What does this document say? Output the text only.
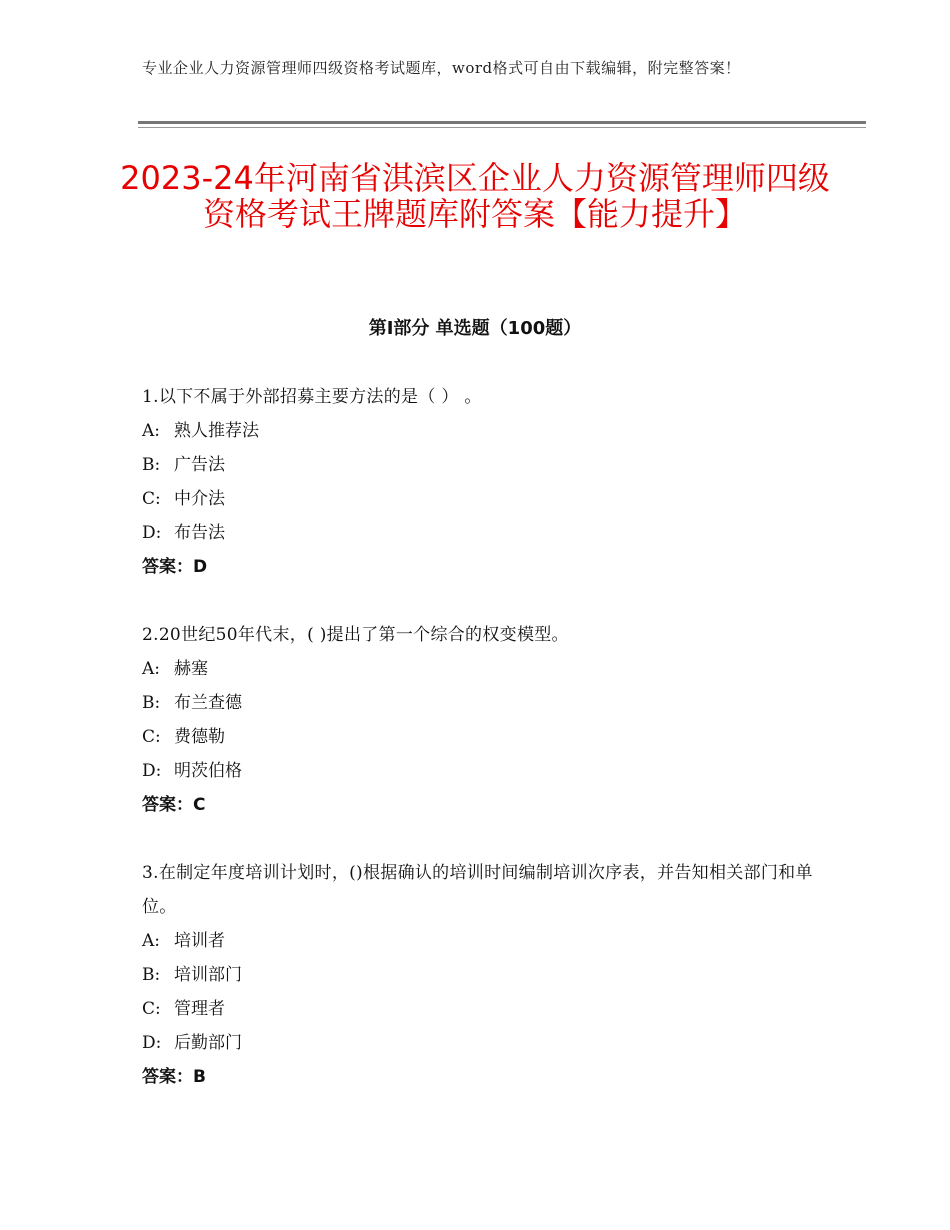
专业企业人力资源管理师四级资格考试题库，word格式可自由下载编辑，附完整答案！
2023-24年河南省淇滨区企业人力资源管理师四级资格考试王牌题库附答案【能力提升】
第Ⅰ部分 单选题（100题）
1.以下不属于外部招募主要方法的是（ ） 。
A: 熟人推荐法
B: 广告法
C: 中介法
D: 布告法
答案：D
2.20世纪50年代末，( )提出了第一个综合的权变模型。
A: 赫塞
B: 布兰查德
C: 费德勒
D: 明茨伯格
答案：C
3.在制定年度培训计划时，()根据确认的培训时间编制培训次序表，并告知相关部门和单位。
A: 培训者
B: 培训部门
C: 管理者
D: 后勤部门
答案：B
